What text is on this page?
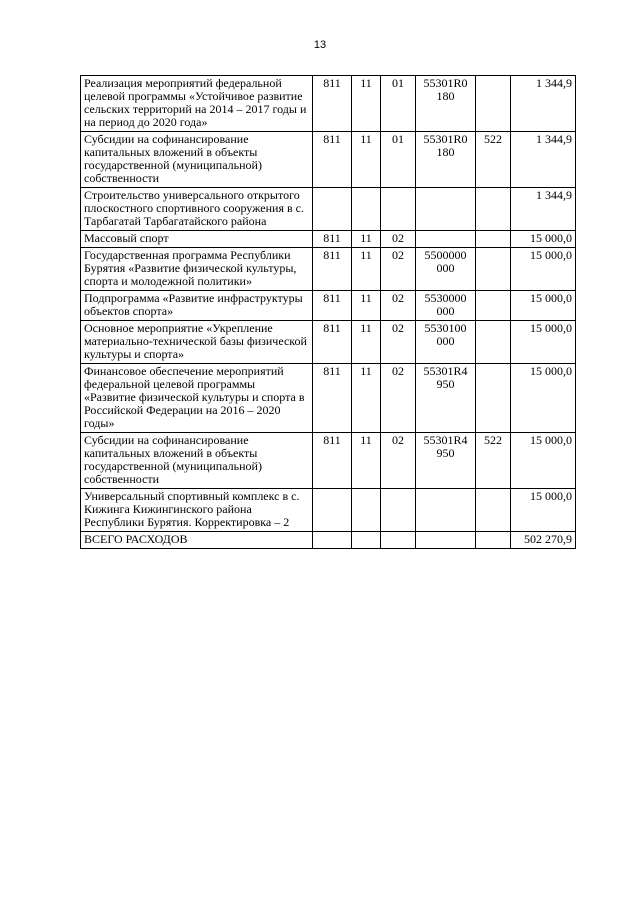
13
Реализация мероприятий федеральной целевой программы «Устойчивое развитие сельских территорий на 2014 – 2017 годы и на период до 2020 года»	811	11	01	55301R0 180		1 344,9
Субсидии на софинансирование капитальных вложений в объекты государственной (муниципальной) собственности	811	11	01	55301R0 180	522	1 344,9
Строительство универсального открытого плоскостного спортивного сооружения в с. Тарбагатай Тарбагатайского района						1 344,9
Массовый спорт	811	11	02			15 000,0
Государственная программа Республики Бурятия «Развитие физической культуры, спорта и молодежной политики»	811	11	02	5500000 000		15 000,0
Подпрограмма «Развитие инфраструктуры объектов спорта»	811	11	02	5530000 000		15 000,0
Основное мероприятие «Укрепление материально-технической базы физической культуры и спорта»	811	11	02	5530100 000		15 000,0
Финансовое обеспечение мероприятий федеральной целевой программы «Развитие физической культуры и спорта в Российской Федерации на 2016 – 2020 годы»	811	11	02	55301R4 950		15 000,0
Субсидии на софинансирование капитальных вложений в объекты государственной (муниципальной) собственности	811	11	02	55301R4 950	522	15 000,0
Универсальный спортивный комплекс в с. Кижинга Кижингинского района Республики Бурятия. Корректировка – 2						15 000,0
ВСЕГО РАСХОДОВ						502 270,9
